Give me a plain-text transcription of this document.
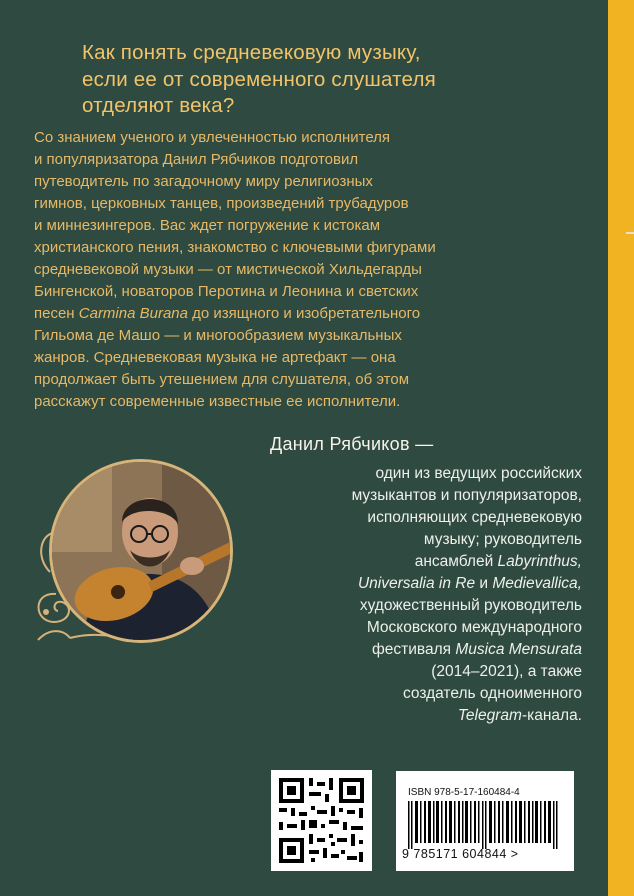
Как понять средневековую музыку,
если ее от современного слушателя
отделяют века?

Со знанием ученого и увлеченностью исполнителя
и популяризатора Данил Рябчиков подготовил
путеводитель по загадочному миру религиозных
гимнов, церковных танцев, произведений трубадуров
и миннезингеров. Вас ждет погружение к истокам
христианского пения, знакомство с ключевыми фигурами
средневековой музыки — от мистической Хильдегарды
Бингенской, новаторов Перотина и Леонина и светских
песен Carmina Burana до изящного и изобретательного
Гильома де Машо — и многообразием музыкальных
жанров. Средневековая музыка не артефакт — она
продолжает быть утешением для слушателя, об этом
расскажут современные известные ее исполнители.

Данил Рябчиков —

один из ведущих российских
музыкантов и популяризаторов,
исполняющих средневековую
музыку; руководитель
ансамблей Labyrinthus,
Universalia in Re и Medievallica,
художественный руководитель
Московского международного
фестиваля Musica Mensurata
(2014–2021), а также
создатель одноименного
Telegram-канала.

ISBN 978-5-17-160484-4
9 785171 604844 >
